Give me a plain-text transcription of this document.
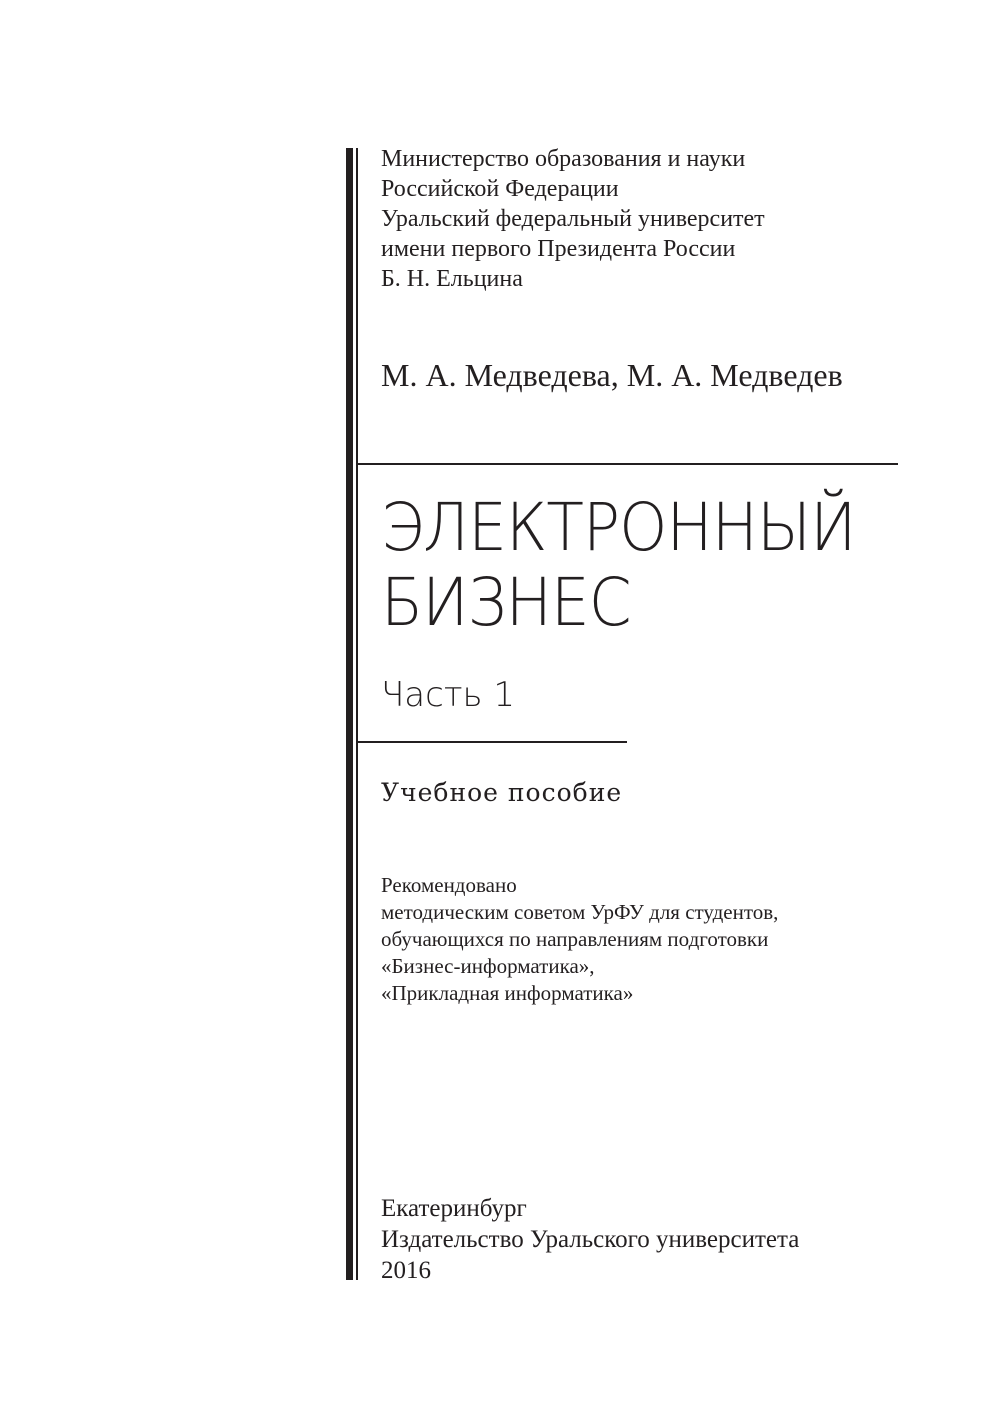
Министерство образования и науки
Российской Федерации
Уральский федеральный университет
имени первого Президента России
Б. Н. Ельцина
М. А. Медведева, М. А. Медведев
ЭЛЕКТРОННЫЙ
БИЗНЕС
Часть 1
Учебное пособие
Рекомендовано
методическим советом УрФУ для студентов,
обучающихся по направлениям подготовки
«Бизнес-информатика»,
«Прикладная информатика»
Екатеринбург
Издательство Уральского университета
2016
